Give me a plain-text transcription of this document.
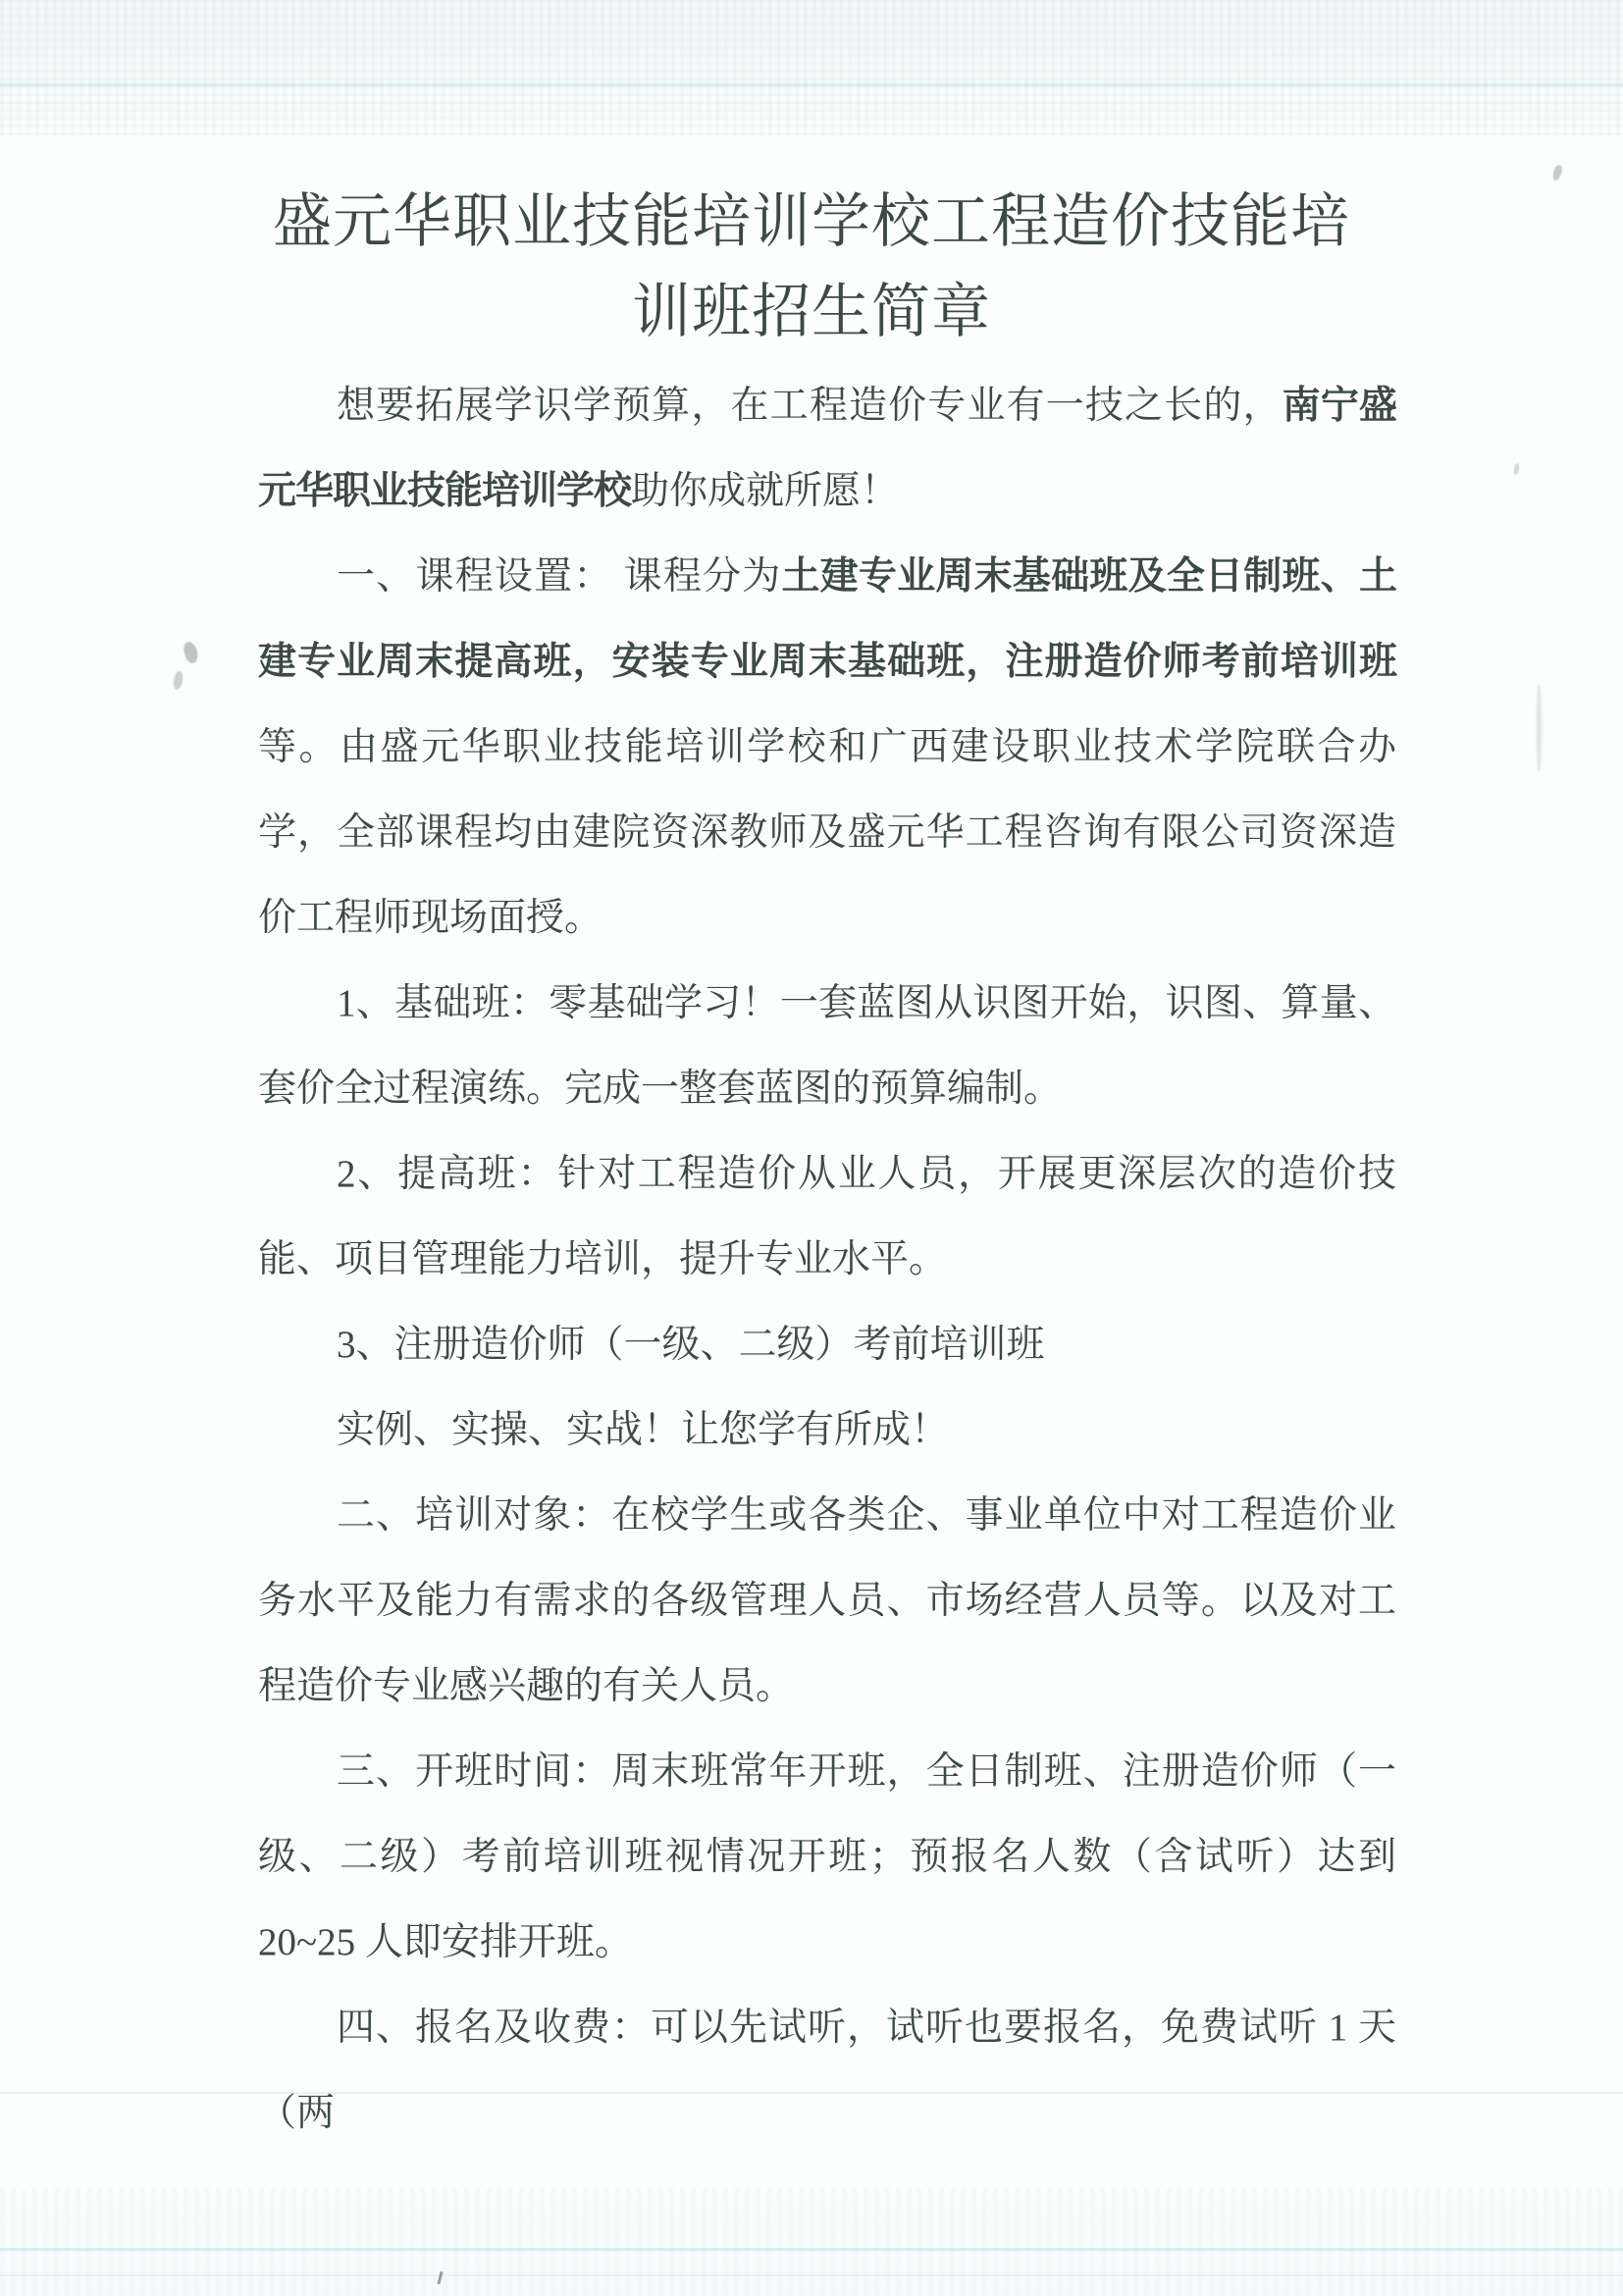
盛元华职业技能培训学校工程造价技能培
训班招生简章

想要拓展学识学预算，在工程造价专业有一技之长的，南宁盛元华职业技能培训学校助你成就所愿！

一、课程设置： 课程分为土建专业周末基础班及全日制班、土建专业周末提高班，安装专业周末基础班，注册造价师考前培训班等。由盛元华职业技能培训学校和广西建设职业技术学院联合办学，全部课程均由建院资深教师及盛元华工程咨询有限公司资深造价工程师现场面授。

1、基础班：零基础学习！一套蓝图从识图开始，识图、算量、套价全过程演练。完成一整套蓝图的预算编制。

2、提高班：针对工程造价从业人员，开展更深层次的造价技能、项目管理能力培训，提升专业水平。

3、注册造价师（一级、二级）考前培训班

实例、实操、实战！让您学有所成！

二、培训对象：在校学生或各类企、事业单位中对工程造价业务水平及能力有需求的各级管理人员、市场经营人员等。以及对工程造价专业感兴趣的有关人员。

三、开班时间：周末班常年开班，全日制班、注册造价师（一级、二级）考前培训班视情况开班；预报名人数（含试听）达到 20~25 人即安排开班。

四、报名及收费：可以先试听，试听也要报名，免费试听 1 天（两
